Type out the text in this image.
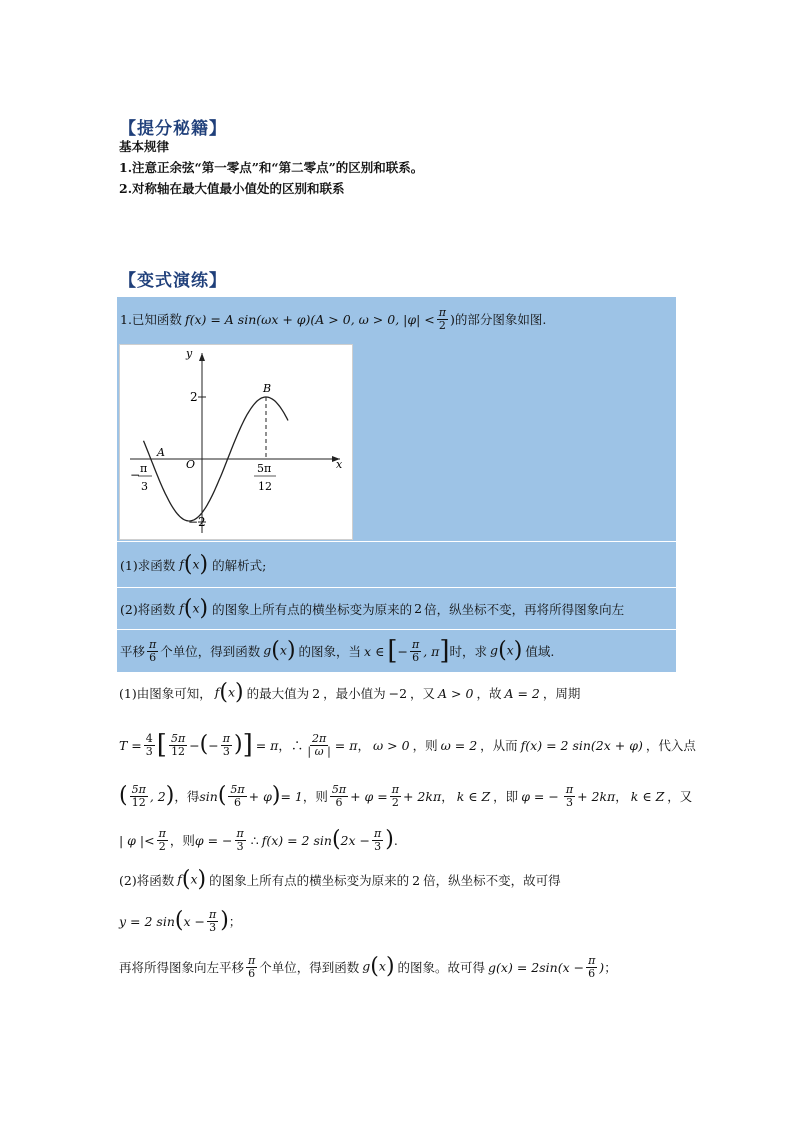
【提分秘籍】
基本规律
1.注意正余弦“第一零点”和“第二零点”的区别和联系。
2.对称轴在最大值最小值处的区别和联系
【变式演练】
1.已知函数 f(x) = A sin(ωx + φ)(A > 0, ω > 0, $|\varphi| < \frac{\pi}{2}$ )的部分图象如图.
y
x
O
A
B
2
−2
− π
3
5π
12
(1)求函数 f(x) 的解析式;
(2)将函数 f(x) 的图象上所有点的横坐标变为原来的 2 倍，纵坐标不变，再将所得图象向左
平移 $\frac{\pi}{6}$ 个单位，得到函数 g(x) 的图象，当 x ∈ [ − $\frac{\pi}{6}$ , π ] 时，求 g(x) 值域.
(1)由图象可知， f(x) 的最大值为 2 ，最小值为 −2 ，又 A > 0 ，故 A = 2 ，周期
$T = \frac{4}{3}$ [ $\frac{5\pi}{12}$ − ( − $\frac{\pi}{3}$ ) ] = π ，∴ $\frac{2\pi}{| \omega |} = \pi$ ， ω > 0 ，则 ω = 2 ，从而 f(x) = 2 sin(2x + φ) ，代入点
( $\frac{5\pi}{12}$ , 2 ) ，得 sin ( $\frac{5\pi}{6} + \varphi$ ) = 1 ，则 $\frac{5\pi}{6} + \varphi = \frac{\pi}{2} + 2k\pi$ ， k ∈ Z ，即 φ = − $\frac{\pi}{3} + 2k\pi$ ， k ∈ Z ，又
| φ |< $\frac{\pi}{2}$ ，则 φ = − $\frac{\pi}{3}$ ∴ f(x) = 2 sin ( $2x - \frac{\pi}{3}$ ) .
(2)将函数 f(x) 的图象上所有点的横坐标变为原来的 2 倍，纵坐标不变，故可得
y = 2 sin ( $x - \frac{\pi}{3}$ ) ；
再将所得图象向左平移 $\frac{\pi}{6}$ 个单位，得到函数 g(x) 的图象。故可得 $g(x) = 2\sin(x - \frac{\pi}{6}$ ) ；
